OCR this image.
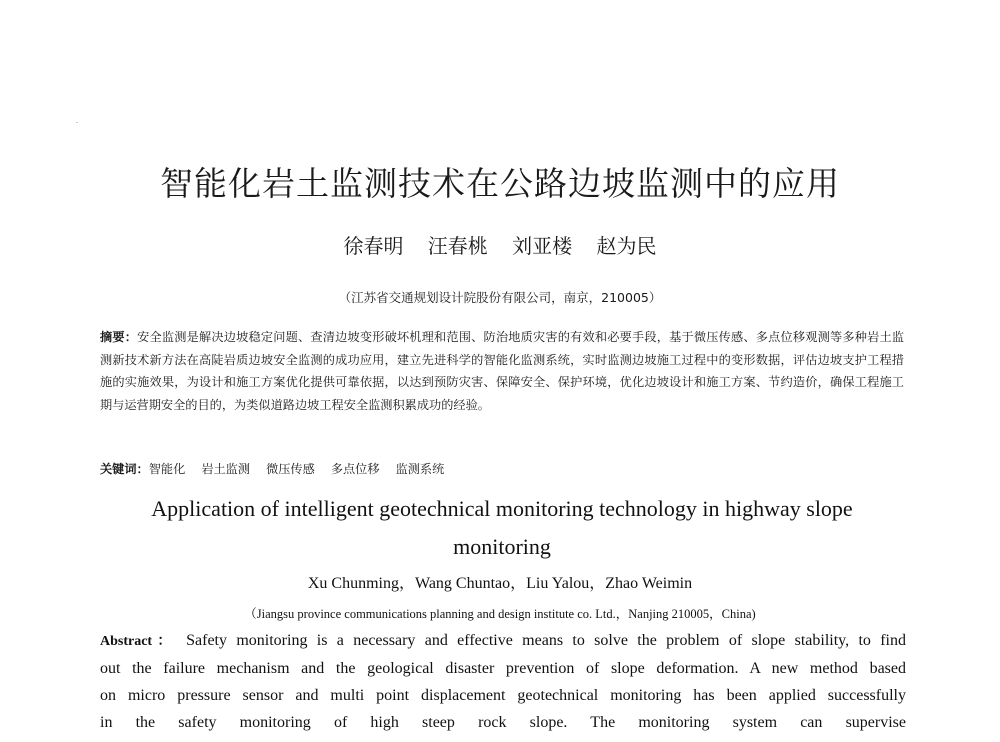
智能化岩土监测技术在公路边坡监测中的应用
徐春明 汪春桃 刘亚楼 赵为民
（江苏省交通规划设计院股份有限公司，南京，210005）

摘要：安全监测是解决边坡稳定问题、查清边坡变形破坏机理和范围、防治地质灾害的有效和必要手段，基于微压传感、多点位移观测等多种岩土监测新技术新方法在高陡岩质边坡安全监测的成功应用，建立先进科学的智能化监测系统，实时监测边坡施工过程中的变形数据，评估边坡支护工程措施的实施效果，为设计和施工方案优化提供可靠依据，以达到预防灾害、保障安全、保护环境，优化边坡设计和施工方案、节约造价，确保工程施工期与运营期安全的目的，为类似道路边坡工程安全监测积累成功的经验。

关键词：智能化 岩土监测 微压传感 多点位移 监测系统
Application of intelligent geotechnical monitoring technology in highway slope monitoring
Xu Chunming，Wang Chuntao，Liu Yalou，Zhao Weimin
（Jiangsu province communications planning and design institute co. Ltd.，Nanjing 210005，China)
Abstract： Safety monitoring is a necessary and effective means to solve the problem of slope stability, to find
out the failure mechanism and the geological disaster prevention of slope deformation. A new method based
on micro pressure sensor and multi point displacement geotechnical monitoring has been applied successfully
in the safety monitoring of high steep rock slope. The monitoring system can supervise
